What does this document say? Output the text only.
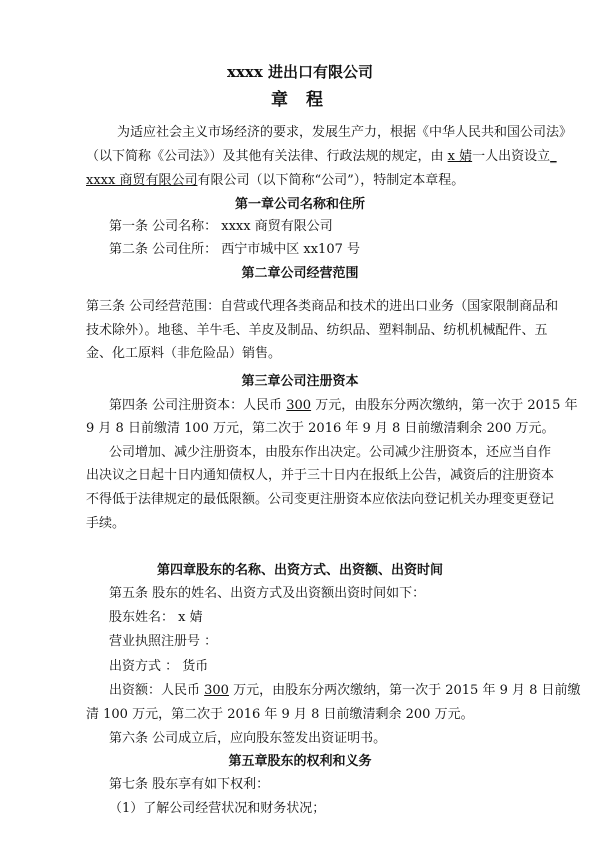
xxxx 进出口有限公司
章 程
为适应社会主义市场经济的要求，发展生产力，根据《中华人民共和国公司法》
（以下简称《公司法》）及其他有关法律、行政法规的规定，由 x 婧一人出资设立_
xxxx 商贸有限公司有限公司（以下简称“公司”），特制定本章程。
第一章公司名称和住所
第一条 公司名称： xxxx 商贸有限公司
第二条 公司住所： 西宁市城中区 xx107 号
第二章公司经营范围
第三条 公司经营范围：自营或代理各类商品和技术的进出口业务（国家限制商品和
技术除外）。地毯、羊牛毛、羊皮及制品、纺织品、塑料制品、纺机机械配件、五
金、化工原料（非危险品）销售。
第三章公司注册资本
第四条 公司注册资本：人民币 300 万元，由股东分两次缴纳，第一次于 2015 年
9 月 8 日前缴清 100 万元，第二次于 2016 年 9 月 8 日前缴清剩余 200 万元。
公司增加、减少注册资本，由股东作出决定。公司减少注册资本，还应当自作
出决议之日起十日内通知债权人，并于三十日内在报纸上公告，减资后的注册资本
不得低于法律规定的最低限额。公司变更注册资本应依法向登记机关办理变更登记
手续。
第四章股东的名称、出资方式、出资额、出资时间
第五条 股东的姓名、出资方式及出资额出资时间如下：
股东姓名： x 婧
营业执照注册号 ：
出资方式 ： 货币
出资额：人民币 300 万元，由股东分两次缴纳，第一次于 2015 年 9 月 8 日前缴
清 100 万元，第二次于 2016 年 9 月 8 日前缴清剩余 200 万元。
第六条 公司成立后，应向股东签发出资证明书。
第五章股东的权利和义务
第七条 股东享有如下权利：
（1）了解公司经营状况和财务状况；
